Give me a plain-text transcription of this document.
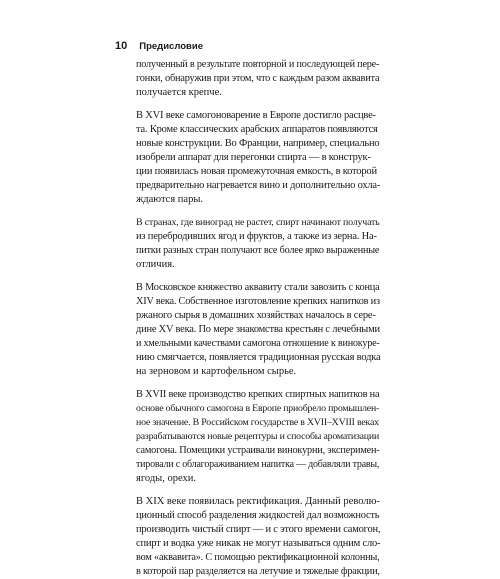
10 Предисловие
полученный в результате повторной и последующей пере-
гонки, обнаружив при этом, что с каждым разом аквавита
получается крепче.
В XVI веке самогоноварение в Европе достигло расцве-
та. Кроме классических арабских аппаратов появляются
новые конструкции. Во Франции, например, специально
изобрели аппарат для перегонки спирта — в конструк-
ции появилась новая промежуточная емкость, в которой
предварительно нагревается вино и дополнительно охла-
ждаются пары.
В странах, где виноград не растет, спирт начинают получать
из перебродивших ягод и фруктов, а также из зерна. На-
питки разных стран получают все более ярко выраженные
отличия.
В Московское княжество аквавиту стали завозить с конца
XIV века. Собственное изготовление крепких напитков из
ржаного сырья в домашних хозяйствах началось в сере-
дине XV века. По мере знакомства крестьян с лечебными
и хмельными качествами самогона отношение к винокуре-
нию смягчается, появляется традиционная русская водка
на зерновом и картофельном сырье.
В XVII веке производство крепких спиртных напитков на
основе обычного самогона в Европе приобрело промышлен-
ное значение. В Российском государстве в XVII–XVIII веках
разрабатываются новые рецептуры и способы ароматизации
самогона. Помещики устраивали винокурни, эксперимен-
тировали с облагораживанием напитка — добавляли травы,
ягоды, орехи.
В XIX веке появилась ректификация. Данный револю-
ционный способ разделения жидкостей дал возможность
производить чистый спирт — и с этого времени самогон,
спирт и водка уже никак не могут называться одним сло-
вом «аквавита». С помощью ректификационной колонны,
в которой пар разделяется на летучие и тяжелые фракции,
